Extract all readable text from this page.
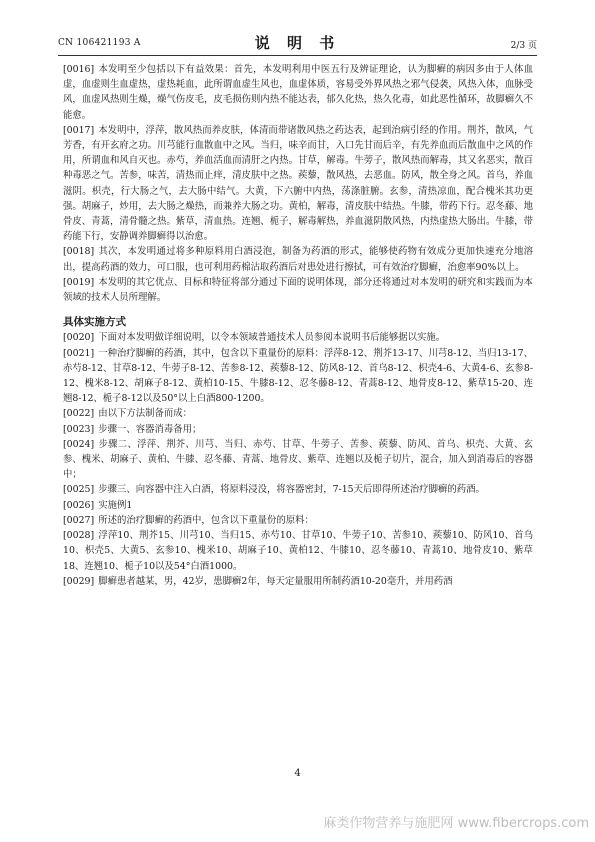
CN 106421193 A	说 明 书	2/3 页

[0016] 本发明至少包括以下有益效果：首先，本发明利用中医五行及辨证理论，认为脚癣的病因多由于人体血虚，血虚则生血虚热，虚热耗血，此所谓血虚生风也，血虚体质，容易受外界风热之邪气侵袭，风热入体，血脉受风，血虚风热则生燥，燥气伤皮毛，皮毛损伤则内热不能达表，郁久化热，热久化毒，如此恶性循环，故脚癣久不能愈。

[0017] 本发明中，浮萍，散风热而养皮肤，体清而带诸散风热之药达表，起到治病引经的作用。荆芥，散风，气芳香，有开玄府之功。川芎能行血散血中之风。当归，味辛而甘，入口先甘而后辛，有先养血而后散血中之风的作用，所谓血和风自灭也。赤芍，养血活血而清肝之内热。甘草，解毒。牛蒡子，散风热而解毒，其又名恶实，散百种毒恶之气。苦参，味苦，清热而止痒，清皮肤中之热。蒺藜，散风热，去恶血。防风，散全身之风。首乌，养血滋阴。枳壳，行大肠之气，去大肠中结气。大黄，下六腑中内热，荡涤脏腑。玄参，清热凉血，配合槐米其功更强。胡麻子，炒用，去大肠之燥热，而兼养大肠之功。黄柏，解毒，清皮肤中结热。牛膝，带药下行。忍冬藤、地骨皮、青蒿，清骨髓之热。紫草，清血热。连翘、栀子，解毒解热，养血滋阴散风热，内热虚热大肠出。牛膝，带药能下行，安静调养脚癣得以治愈。

[0018] 其次，本发明通过将多种原料用白酒浸泡，制备为药酒的形式，能够使药物有效成分更加快速充分地溶出，提高药酒的效力，可口服，也可利用药棉沾取药酒后对患处进行擦拭，可有效治疗脚癣，治愈率90%以上。

[0019] 本发明的其它优点、目标和特征将部分通过下面的说明体现，部分还将通过对本发明的研究和实践而为本领域的技术人员所理解。

具体实施方式

[0020] 下面对本发明做详细说明，以令本领域普通技术人员参阅本说明书后能够据以实施。

[0021] 一种治疗脚癣的药酒，其中，包含以下重量份的原料：浮萍8-12、荆芥13-17、川芎8-12、当归13-17、赤芍8-12、甘草8-12、牛蒡子8-12、苦参8-12、蒺藜8-12、防风8-12、首乌8-12、枳壳4-6、大黄4-6、玄参8-12、槐米8-12、胡麻子8-12、黄柏10-15、牛膝8-12、忍冬藤8-12、青蒿8-12、地骨皮8-12、紫草15-20、连翘8-12、栀子8-12以及50°以上白酒800-1200。

[0022] 由以下方法制备而成：

[0023] 步骤一、容器消毒备用；

[0024] 步骤二、浮萍、荆芥、川芎、当归、赤芍、甘草、牛蒡子、苦参、蒺藜、防风、首乌、枳壳、大黄、玄参、槐米、胡麻子、黄柏、牛膝、忍冬藤、青蒿、地骨皮、紫草、连翘以及栀子切片，混合，加入到消毒后的容器中；

[0025] 步骤三、向容器中注入白酒，将原料浸没，将容器密封，7-15天后即得所述治疗脚癣的药酒。

[0026] 实施例1

[0027] 所述的治疗脚癣的药酒中，包含以下重量份的原料：

[0028] 浮萍10、荆芥15、川芎10、当归15、赤芍10、甘草10、牛蒡子10、苦参10、蒺藜10、防风10、首乌10、枳壳5、大黄5、玄参10、槐米10、胡麻子10、黄柏12、牛膝10、忍冬藤10、青蒿10、地骨皮10、紫草18、连翘10、栀子10以及54°白酒1000。

[0029] 脚癣患者越某，男，42岁，患脚癣2年，每天定量服用所制药酒10-20毫升，并用药酒

4
麻类作物营养与施肥网 www.fibercrops.com
